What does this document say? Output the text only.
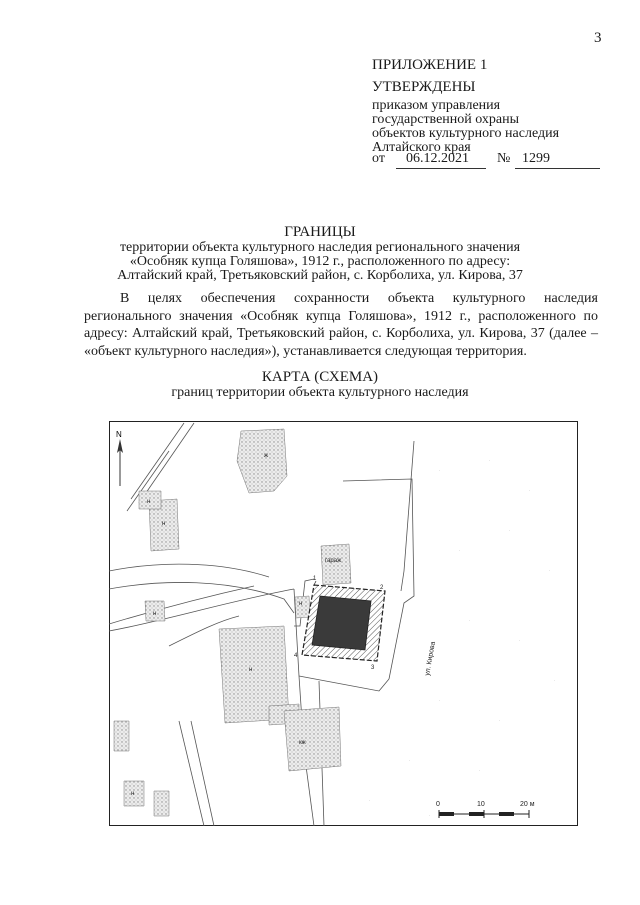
3
ПРИЛОЖЕНИЕ 1
УТВЕРЖДЕНЫ
приказом управления
государственной охраны
объектов культурного наследия
Алтайского края
от 06.12.2021 № 1299
ГРАНИЦЫ
территории объекта культурного наследия регионального значения
«Особняк купца Голяшова», 1912 г., расположенного по адресу:
Алтайский край, Третьяковский район, с. Корболиха, ул. Кирова, 37
В целях обеспечения сохранности объекта культурного наследия регионального значения «Особняк купца Голяшова», 1912 г., расположенного по адресу: Алтайский край, Третьяковский район, с. Корболиха, ул. Кирова, 37 (далее – «объект культурного наследия»), устанавливается следующая территория.
КАРТА (СХЕМА)
границ территории объекта культурного наследия
N
ж
н
н
н
н
кж
н
н
гараж
1
2
3
4	ул. Кирова
.
.
.
.
.
.
.
.
.
.
.
.
.
.
.
0	10	20 м
